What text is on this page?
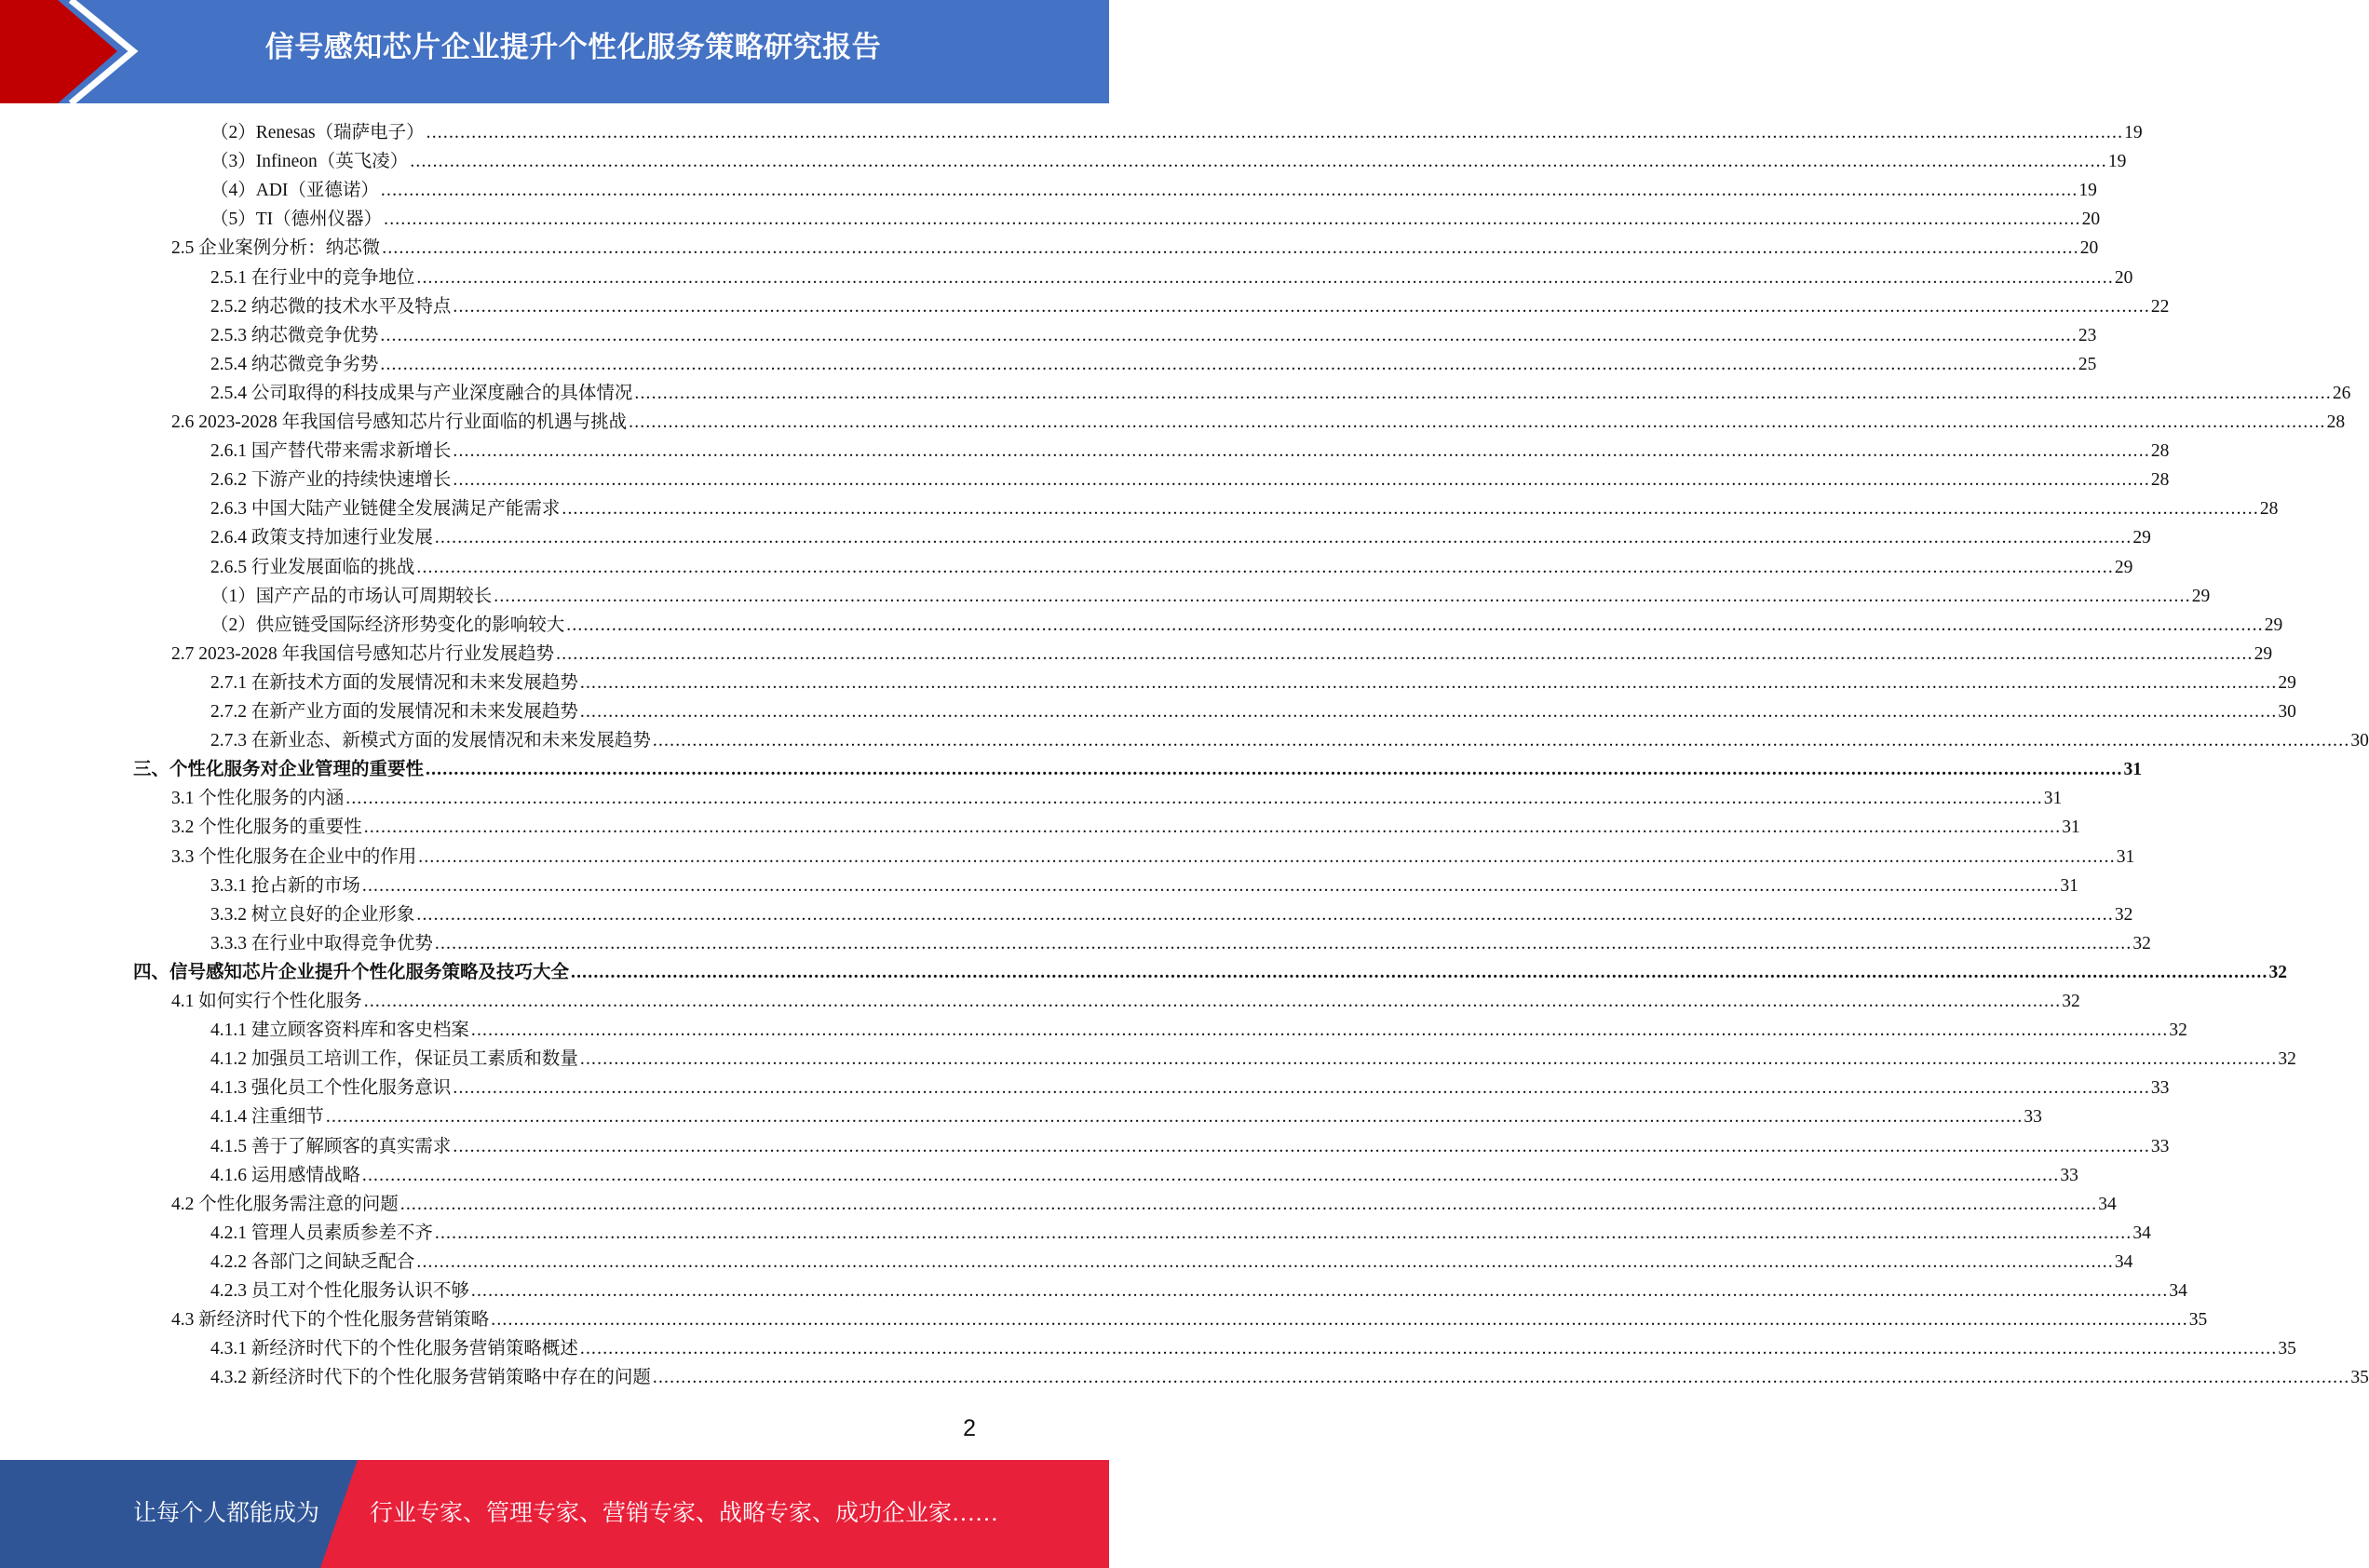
信号感知芯片企业提升个性化服务策略研究报告
（2）Renesas（瑞萨电子） ............................................................................................................................................................................................................................................................................................................ 19
（3）Infineon（英飞凌） ............................................................................................................................................................................................................................................................................................................ 19
（4）ADI（亚德诺） ............................................................................................................................................................................................................................................................................................................ 19
（5）TI（德州仪器） ............................................................................................................................................................................................................................................................................................................ 20
2.5 企业案例分析：纳芯微 ............................................................................................................................................................................................................................................................................................................ 20
2.5.1 在行业中的竞争地位 ............................................................................................................................................................................................................................................................................................................ 20
2.5.2 纳芯微的技术水平及特点 ............................................................................................................................................................................................................................................................................................................ 22
2.5.3 纳芯微竞争优势 ............................................................................................................................................................................................................................................................................................................ 23
2.5.4 纳芯微竞争劣势 ............................................................................................................................................................................................................................................................................................................ 25
2.5.4 公司取得的科技成果与产业深度融合的具体情况 ............................................................................................................................................................................................................................................................................................................ 26
2.6 2023-2028 年我国信号感知芯片行业面临的机遇与挑战 ............................................................................................................................................................................................................................................................................................................ 28
2.6.1 国产替代带来需求新增长 ............................................................................................................................................................................................................................................................................................................ 28
2.6.2 下游产业的持续快速增长 ............................................................................................................................................................................................................................................................................................................ 28
2.6.3 中国大陆产业链健全发展满足产能需求 ............................................................................................................................................................................................................................................................................................................ 28
2.6.4 政策支持加速行业发展 ............................................................................................................................................................................................................................................................................................................ 29
2.6.5 行业发展面临的挑战 ............................................................................................................................................................................................................................................................................................................ 29
（1）国产产品的市场认可周期较长 ............................................................................................................................................................................................................................................................................................................ 29
（2）供应链受国际经济形势变化的影响较大 ............................................................................................................................................................................................................................................................................................................ 29
2.7 2023-2028 年我国信号感知芯片行业发展趋势 ............................................................................................................................................................................................................................................................................................................ 29
2.7.1 在新技术方面的发展情况和未来发展趋势 ............................................................................................................................................................................................................................................................................................................ 29
2.7.2 在新产业方面的发展情况和未来发展趋势 ............................................................................................................................................................................................................................................................................................................ 30
2.7.3 在新业态、新模式方面的发展情况和未来发展趋势 ............................................................................................................................................................................................................................................................................................................ 30
三、个性化服务对企业管理的重要性 ............................................................................................................................................................................................................................................................................................................ 31
3.1 个性化服务的内涵 ............................................................................................................................................................................................................................................................................................................ 31
3.2 个性化服务的重要性 ............................................................................................................................................................................................................................................................................................................ 31
3.3 个性化服务在企业中的作用 ............................................................................................................................................................................................................................................................................................................ 31
3.3.1 抢占新的市场 ............................................................................................................................................................................................................................................................................................................ 31
3.3.2 树立良好的企业形象 ............................................................................................................................................................................................................................................................................................................ 32
3.3.3 在行业中取得竞争优势 ............................................................................................................................................................................................................................................................................................................ 32
四、信号感知芯片企业提升个性化服务策略及技巧大全 ............................................................................................................................................................................................................................................................................................................ 32
4.1 如何实行个性化服务 ............................................................................................................................................................................................................................................................................................................ 32
4.1.1 建立顾客资料库和客史档案 ............................................................................................................................................................................................................................................................................................................ 32
4.1.2 加强员工培训工作，保证员工素质和数量 ............................................................................................................................................................................................................................................................................................................ 32
4.1.3 强化员工个性化服务意识 ............................................................................................................................................................................................................................................................................................................ 33
4.1.4 注重细节 ............................................................................................................................................................................................................................................................................................................ 33
4.1.5 善于了解顾客的真实需求 ............................................................................................................................................................................................................................................................................................................ 33
4.1.6 运用感情战略 ............................................................................................................................................................................................................................................................................................................ 33
4.2 个性化服务需注意的问题 ............................................................................................................................................................................................................................................................................................................ 34
4.2.1 管理人员素质参差不齐 ............................................................................................................................................................................................................................................................................................................ 34
4.2.2 各部门之间缺乏配合 ............................................................................................................................................................................................................................................................................................................ 34
4.2.3 员工对个性化服务认识不够 ............................................................................................................................................................................................................................................................................................................ 34
4.3 新经济时代下的个性化服务营销策略 ............................................................................................................................................................................................................................................................................................................ 35
4.3.1 新经济时代下的个性化服务营销策略概述 ............................................................................................................................................................................................................................................................................................................ 35
4.3.2 新经济时代下的个性化服务营销策略中存在的问题 ............................................................................................................................................................................................................................................................................................................ 35
2
让每个人都能成为 行业专家、管理专家、营销专家、战略专家、成功企业家……
